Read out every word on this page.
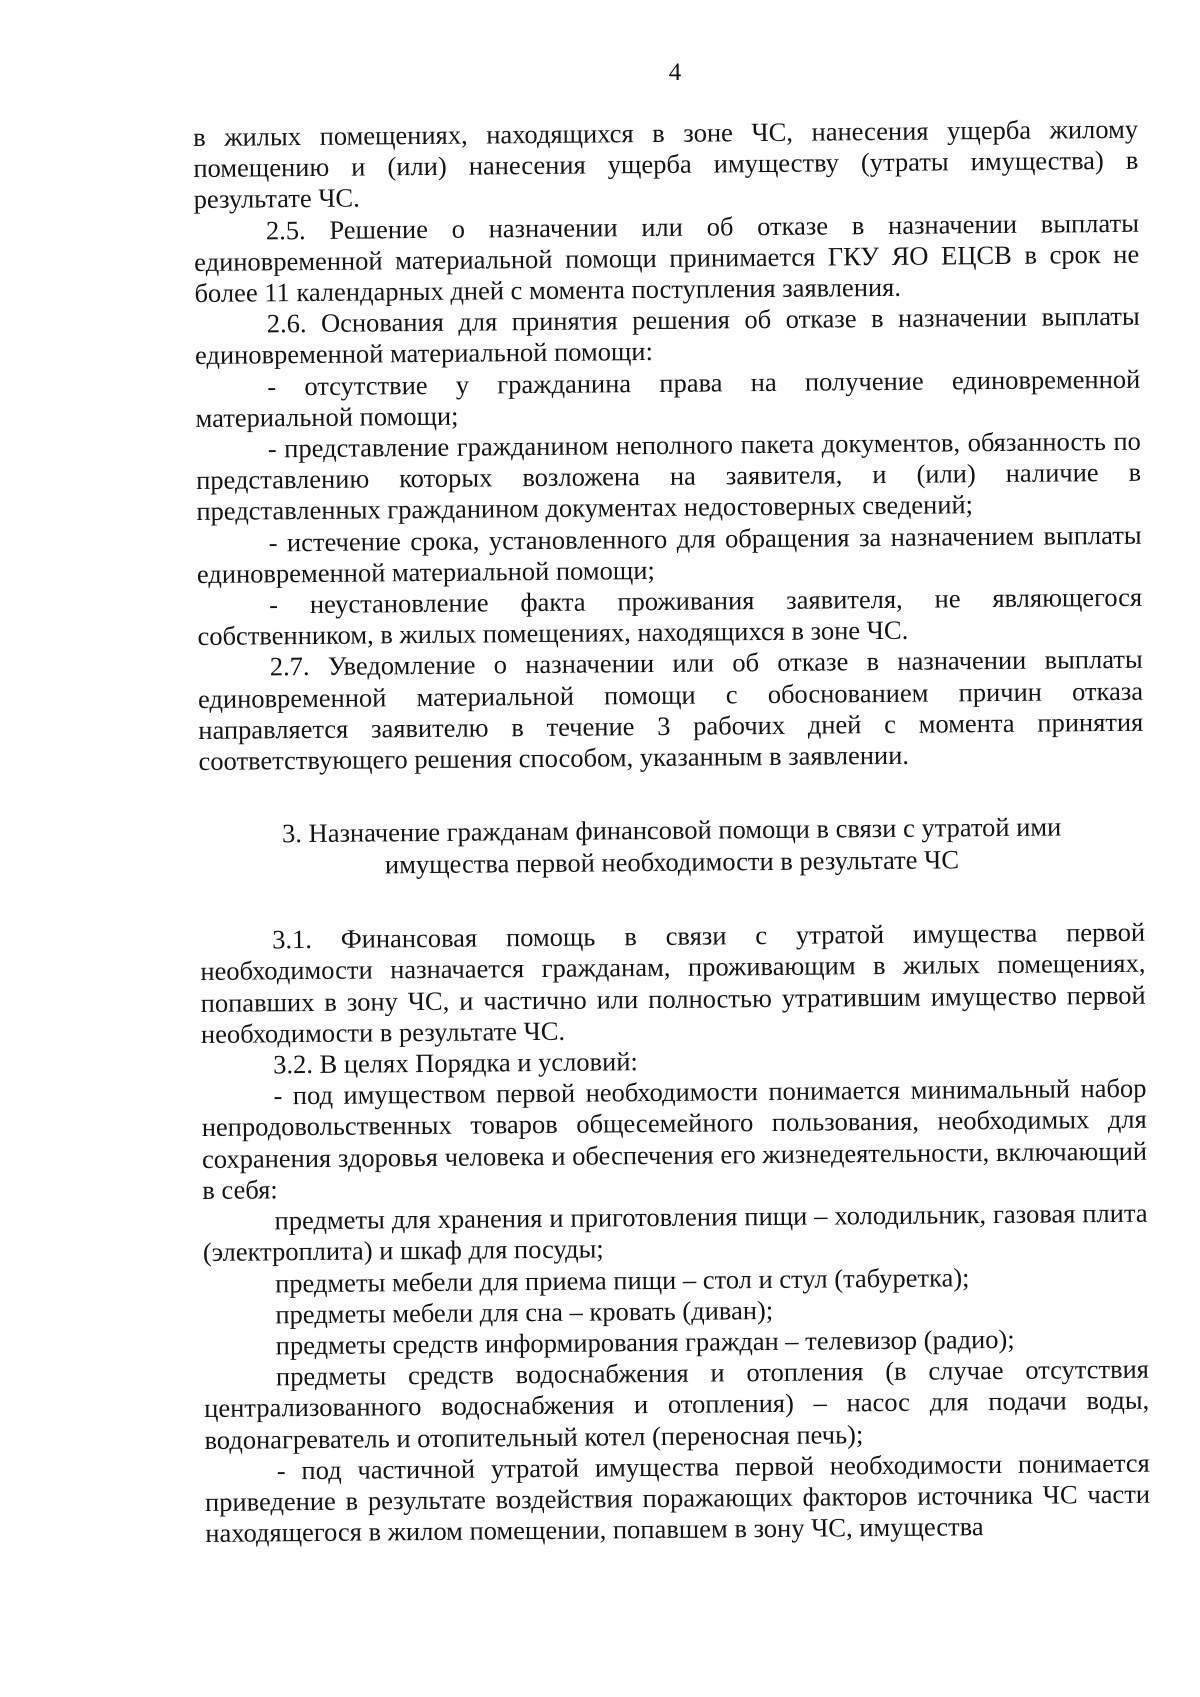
4

в жилых помещениях, находящихся в зоне ЧС, нанесения ущерба жилому помещению и (или) нанесения ущерба имуществу (утраты имущества) в результате ЧС.

2.5. Решение о назначении или об отказе в назначении выплаты единовременной материальной помощи принимается ГКУ ЯО ЕЦСВ в срок не более 11 календарных дней с момента поступления заявления.

2.6. Основания для принятия решения об отказе в назначении выплаты единовременной материальной помощи:

- отсутствие у гражданина права на получение единовременной материальной помощи;

- представление гражданином неполного пакета документов, обязанность по представлению которых возложена на заявителя, и (или) наличие в представленных гражданином документах недостоверных сведений;

- истечение срока, установленного для обращения за назначением выплаты единовременной материальной помощи;

- неустановление факта проживания заявителя, не являющегося собственником, в жилых помещениях, находящихся в зоне ЧС.

2.7. Уведомление о назначении или об отказе в назначении выплаты единовременной материальной помощи с обоснованием причин отказа направляется заявителю в течение 3 рабочих дней с момента принятия соответствующего решения способом, указанным в заявлении.

3. Назначение гражданам финансовой помощи в связи с утратой ими
имущества первой необходимости в результате ЧС

3.1. Финансовая помощь в связи с утратой имущества первой необходимости назначается гражданам, проживающим в жилых помещениях, попавших в зону ЧС, и частично или полностью утратившим имущество первой необходимости в результате ЧС.

3.2. В целях Порядка и условий:

- под имуществом первой необходимости понимается минимальный набор непродовольственных товаров общесемейного пользования, необходимых для сохранения здоровья человека и обеспечения его жизнедеятельности, включающий в себя:

предметы для хранения и приготовления пищи – холодильник, газовая плита (электроплита) и шкаф для посуды;

предметы мебели для приема пищи – стол и стул (табуретка);

предметы мебели для сна – кровать (диван);

предметы средств информирования граждан – телевизор (радио);

предметы средств водоснабжения и отопления (в случае отсутствия централизованного водоснабжения и отопления) – насос для подачи воды, водонагреватель и отопительный котел (переносная печь);

- под частичной утратой имущества первой необходимости понимается приведение в результате воздействия поражающих факторов источника ЧС части находящегося в жилом помещении, попавшем в зону ЧС, имущества
